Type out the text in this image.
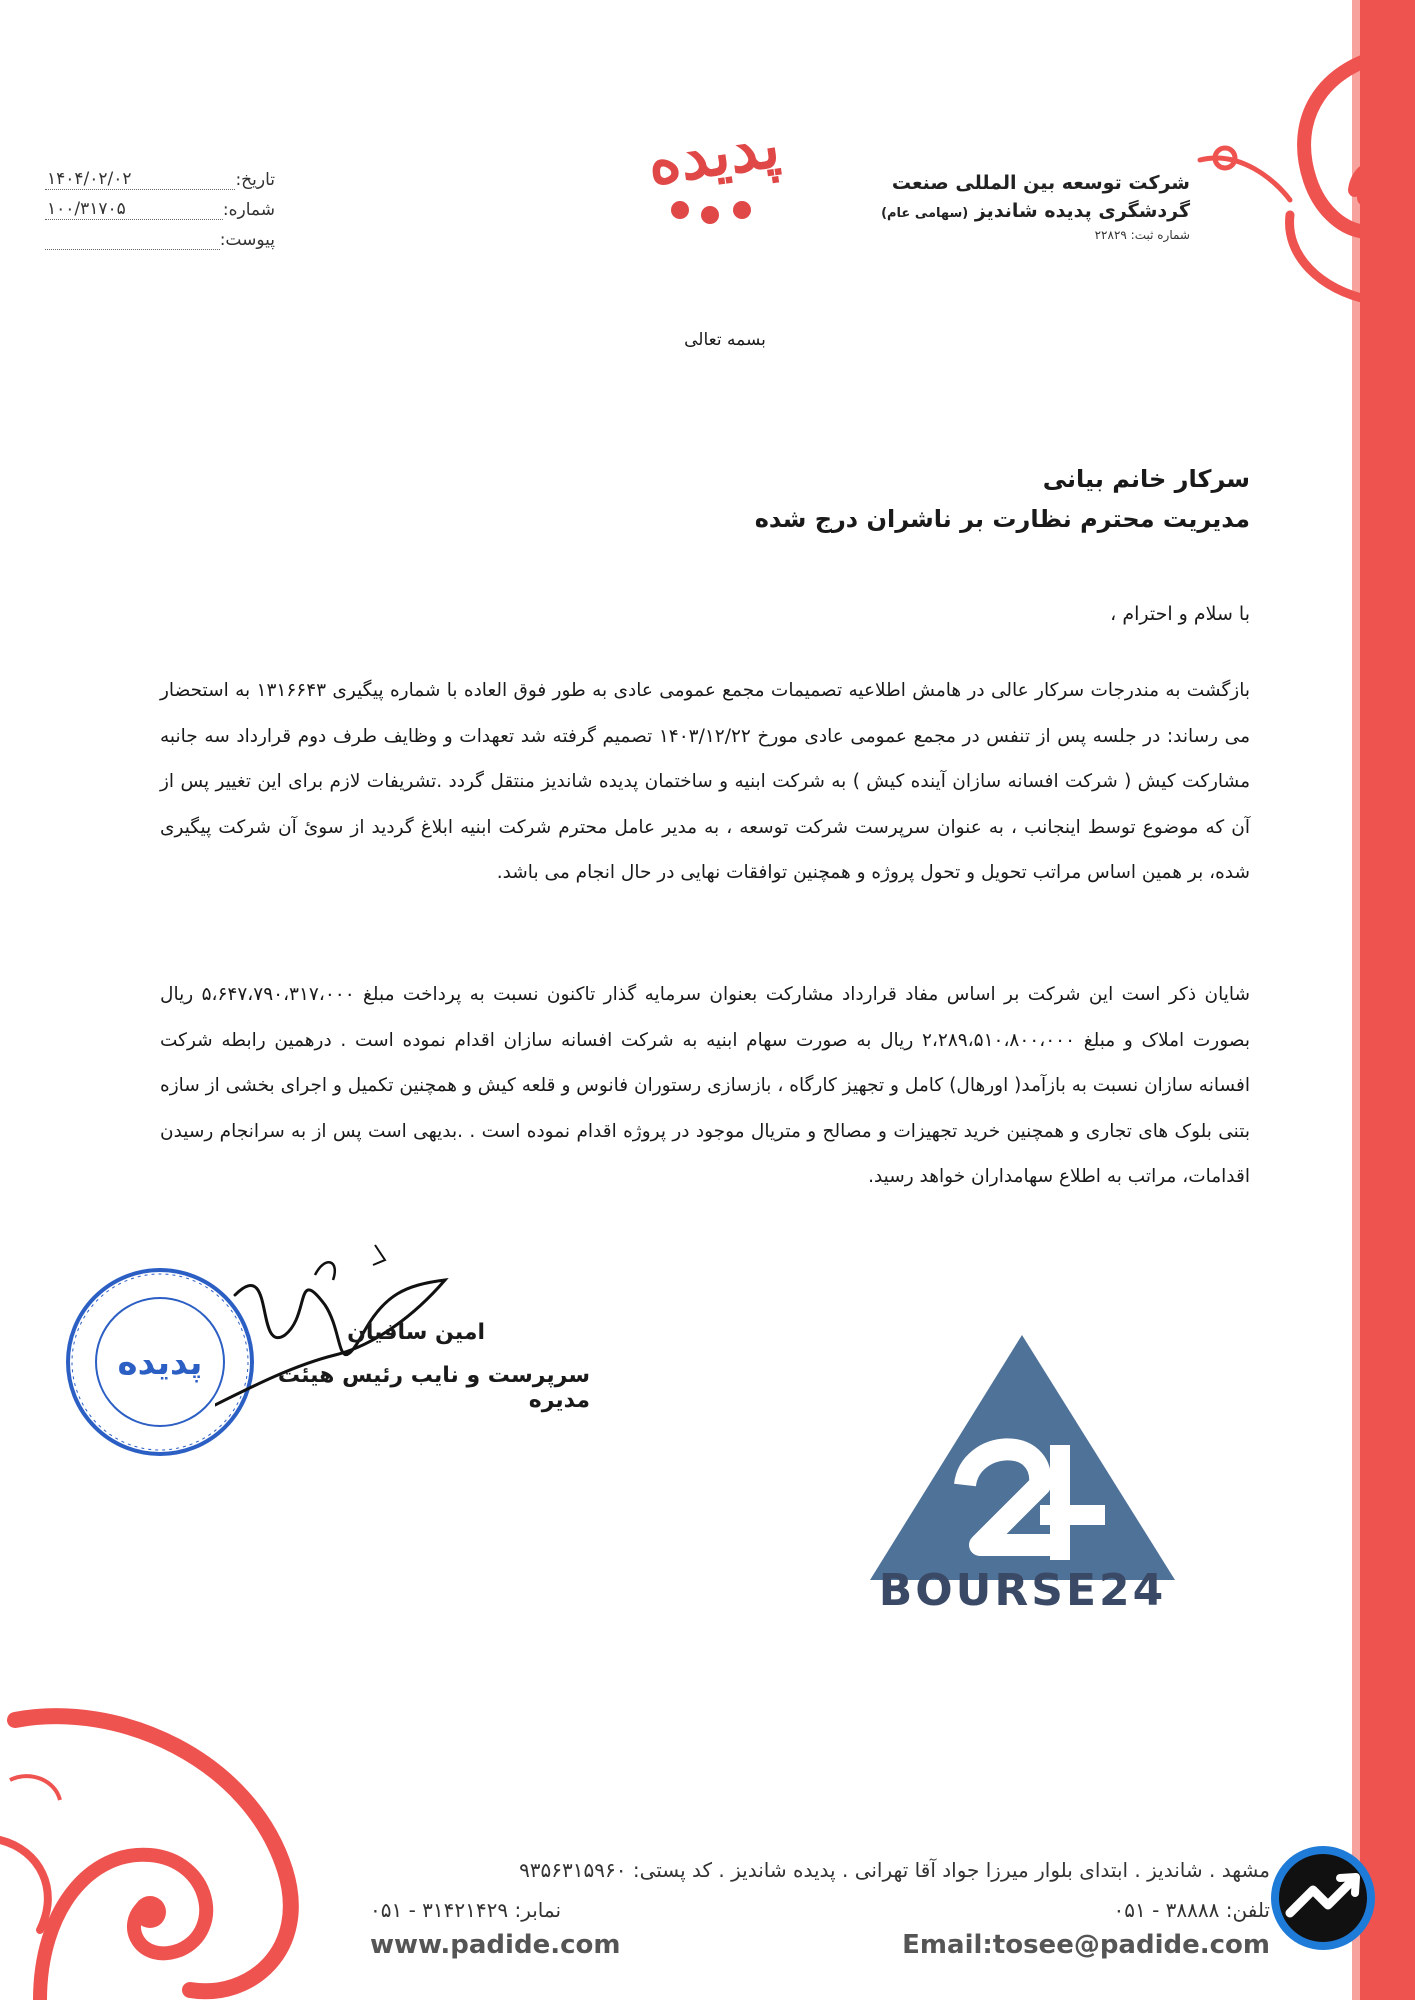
پدیده	شرکت توسعه بین المللی صنعت
گردشگری پدیده شاندیز (سهامی عام)
شماره ثبت: ۲۲۸۲۹
تاریخ:
۱۴۰۴/۰۲/۰۲
شماره:
۱۰۰/۳۱۷۰۵
پیوست:
بسمه تعالی
سرکار خانم بیانی
مدیریت محترم نظارت بر ناشران درج شده
با سلام و احترام ،
بازگشت به مندرجات سرکار عالی در هامش اطلاعیه تصمیمات مجمع عمومی عادی به طور فوق العاده با شماره پیگیری ۱۳۱۶۶۴۳ به استحضار می رساند: در جلسه پس از تنفس در مجمع عمومی عادی مورخ ۱۴۰۳/۱۲/۲۲ تصمیم گرفته شد تعهدات و وظایف طرف دوم قرارداد سه جانبه مشارکت کیش ( شرکت افسانه سازان آینده کیش ) به شرکت ابنیه و ساختمان پدیده شاندیز منتقل گردد .تشریفات لازم برای این تغییر پس از آن که موضوع توسط اینجانب ، به عنوان سرپرست شرکت توسعه ، به مدیر عامل محترم شرکت ابنیه ابلاغ گردید از سویٔ آن شرکت پیگیری شده، بر همین اساس مراتب تحویل و تحول پروژه و همچنین توافقات نهایی در حال انجام می باشد.
شایان ذکر است این شرکت بر اساس مفاد قرارداد مشارکت بعنوان سرمایه گذار تاکنون نسبت به پرداخت مبلغ ۵،۶۴۷،۷۹۰،۳۱۷،۰۰۰ ریال بصورت املاک و مبلغ ۲،۲۸۹،۵۱۰،۸۰۰،۰۰۰ ریال به صورت سهام ابنیه به شرکت افسانه سازان اقدام نموده است . درهمین رابطه شرکت افسانه سازان نسبت به بازآمد( اورهال) کامل و تجهیز کارگاه ، بازسازی رستوران فانوس و قلعه کیش و همچنین تکمیل و اجرای بخشی از سازه بتنی بلوک های تجاری و همچنین خرید تجهیزات و مصالح و متریال موجود در پروژه اقدام نموده است . .بدیهی است پس از به سرانجام رسیدن اقدامات، مراتب به اطلاع سهامداران خواهد رسید.
پدیده
امین سافیان
سرپرست و نایب رئیس هیئت مدیره
BOURSE24
مشهد . شاندیز . ابتدای بلوار میرزا جواد آقا تهرانی . پدیده شاندیز . کد پستی: ۹۳۵۶۳۱۵۹۶۰
تلفن: ۳۸۸۸۸ - ۰۵۱
نمابر: ۳۱۴۲۱۴۲۹ - ۰۵۱
www.padide.com	Email:tosee@padide.com
